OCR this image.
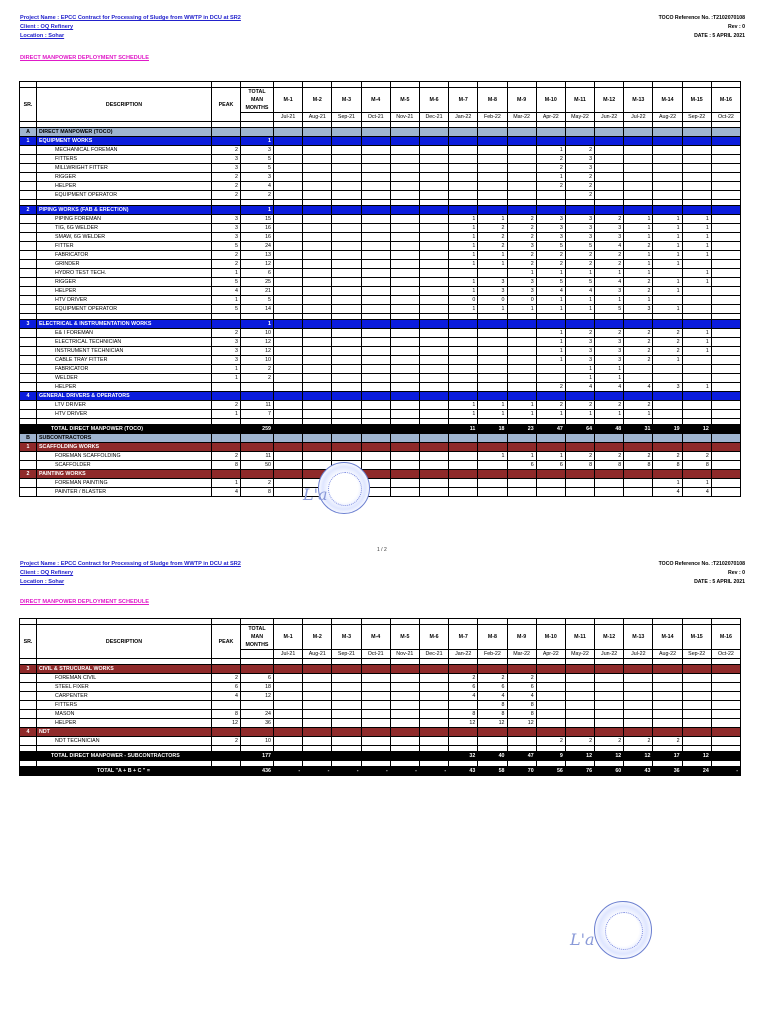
Project Name : EPCC Contract for Processing of Sludge from WWTP in DCU at SR2
Client : OQ Refinery
Location : Sohar
TOCO Reference No. :T2102070108
Rev : 0
DATE : 5 APRIL 2021
DIRECT MANPOWER DEPLOYMENT SCHEDULE

SR.	DESCRIPTION	PEAK	TOTAL
MAN
MONTHS	M-1	M-2	M-3	M-4	M-5	M-6	M-7	M-8	M-9	M-10	M-11	M-12	M-13	M-14	M-15	M-16
				Jul-21	Aug-21	Sep-21	Oct-21	Nov-21	Dec-21	Jan-22	Feb-22	Mar-22	Apr-22	May-22	Jun-22	Jul-22	Aug-22	Sep-22	Oct-22

A	DIRECT MANPOWER (TOCO)																		
1	EQUIPMENT WORKS		1																
	MECHANICAL FOREMAN	2	3										1	2					
	FITTERS	3	5										2	3					
	MILLWRIGHT FITTER	3	5										2	3					
	RIGGER	2	3										1	2					
	HELPER	2	4										2	2					
	EQUIPMENT OPERATOR	2	2											2					

2	PIPING WORKS (FAB & ERECTION)		1																
	PIPING FOREMAN	3	15							1	1	2	3	3	2	1	1	1	
	TIG, 6G WELDER	3	16							1	2	2	3	3	3	1	1	1	
	SMAW, 6G WELDER	3	16							1	2	2	3	3	3	1	1	1	
	FITTER	5	24							1	2	3	5	5	4	2	1	1	
	FABRICATOR	2	13							1	1	2	2	2	2	1	1	1	
	GRINDER	2	12							1	1	2	2	2	2	1	1		
	HYDRO TEST TECH.	1	6									1	1	1	1	1		1	
	RIGGER	5	25							1	3	3	5	5	4	2	1	1	
	HELPER	4	21							1	3	3	4	4	3	2	1		
	HTV DRIVER	1	5							0	0	0	1	1	1	1			
	EQUIPMENT OPERATOR	5	14							1	1	1	1	1	5	3	1		

3	ELECTRICAL & INSTRUMENTATION WORKS		1																
	E& I FOREMAN	2	10										1	2	2	2	2	1	
	ELECTRICAL TECHNICIAN	3	12										1	3	3	2	2	1	
	INSTRUMENT TECHNICIAN	3	12										1	3	3	2	2	1	
	CABLE TRAY FITTER	3	10										1	3	3	2	1		
	FABRICATOR	1	2											1	1				
	WELDER	1	2											1	1				
	HELPER												2	4	4	4	3	1	
4	GENERAL DRIVERS & OPERATORS																		
	LTV DRIVER	2	11							1	1	1	2	2	2	2			
	HTV DRIVER	1	7							1	1	1	1	1	1	1			

	TOTAL DIRECT MANPOWER (TOCO)		259							11	18	23	47	64	48	31	19	12	
B	SUBCONTRACTORS																		
1	SCAFFOLDING WORKS																		
	FOREMAN SCAFFOLDING	2	11								1	1	1	2	2	2	2	2	
	SCAFFOLDER	8	50									6	6	8	8	8	8	8	
2	PAINTING WORKS																		
	FOREMAN PAINTING	1	2														1	1	
	PAINTER / BLASTER	4	8														4	4	
L'a
1 / 2
Project Name : EPCC Contract for Processing of Sludge from WWTP in DCU at SR2
Client : OQ Refinery
Location : Sohar
TOCO Reference No. :T2102070108
Rev : 0
DATE : 5 APRIL 2021
DIRECT MANPOWER DEPLOYMENT SCHEDULE

SR.	DESCRIPTION	PEAK	TOTAL
MAN
MONTHS	M-1	M-2	M-3	M-4	M-5	M-6	M-7	M-8	M-9	M-10	M-11	M-12	M-13	M-14	M-15	M-16
				Jul-21	Aug-21	Sep-21	Oct-21	Nov-21	Dec-21	Jan-22	Feb-22	Mar-22	Apr-22	May-22	Jun-22	Jul-22	Aug-22	Sep-22	Oct-22

3	CIVIL & STRUCURAL WORKS																		
	FOREMAN CIVIL	2	6							2	2	2							
	STEEL FIXER	6	18							6	6	6							
	CARPENTER	4	12							4	4	4							
	FITTERS										8	8							
	MASON	8	24							8	8	8							
	HELPER	12	36							12	12	12							
4	NDT																		
	NDT TECHNICIAN	2	10										2	2	2	2	2		

	TOTAL DIRECT MANPOWER - SUBCONTRACTORS		177							32	40	47	9	12	12	12	17	12	

	TOTAL "A + B + C " =		436	-	-	-	-	-	-	43	58	70	56	76	60	43	36	24	-
L'a
